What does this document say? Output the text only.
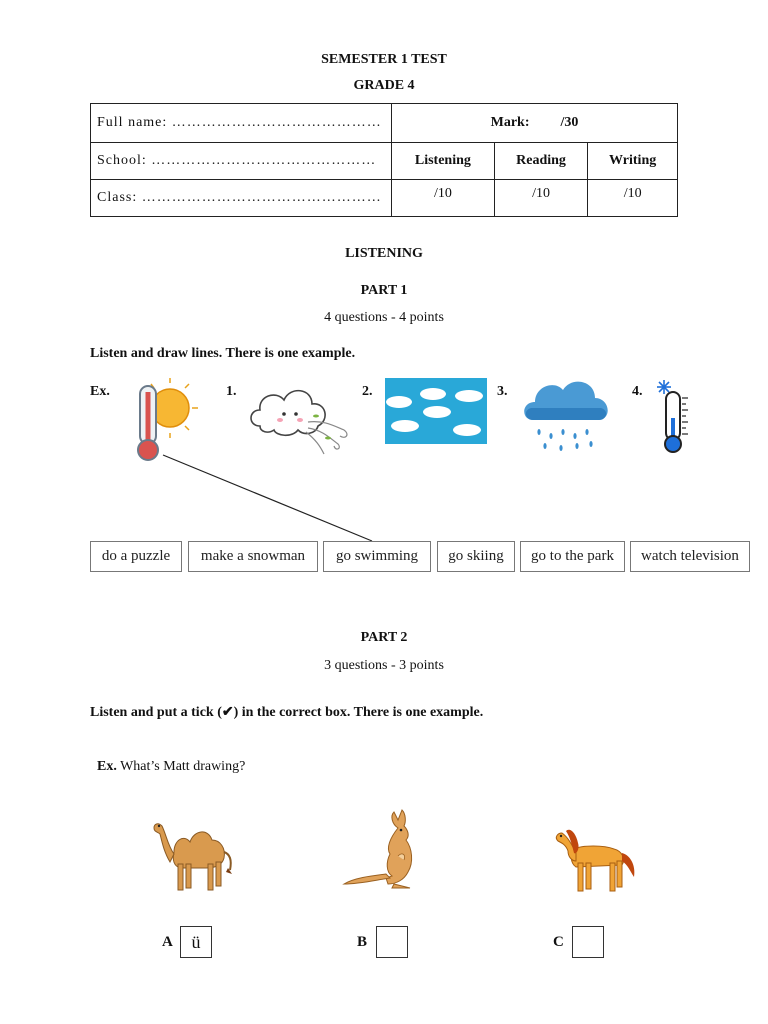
SEMESTER 1 TEST
GRADE 4
Full name: ……………………………………	Mark: /30		
School: ………………………………………	Listening	Reading	Writing
Class: …………………………………………	/10	/10	/10
LISTENING
PART 1
4 questions - 4 points
Listen and draw lines. There is one example.
Ex.	1.	2.	3.	4.
do a puzzle	make a snowman	go swimming	go skiing	go to the park	watch television
PART 2
3 questions - 3 points
Listen and put a tick (✔) in the correct box. There is one example.
Ex. What’s Matt drawing?
A	ü	B	C
